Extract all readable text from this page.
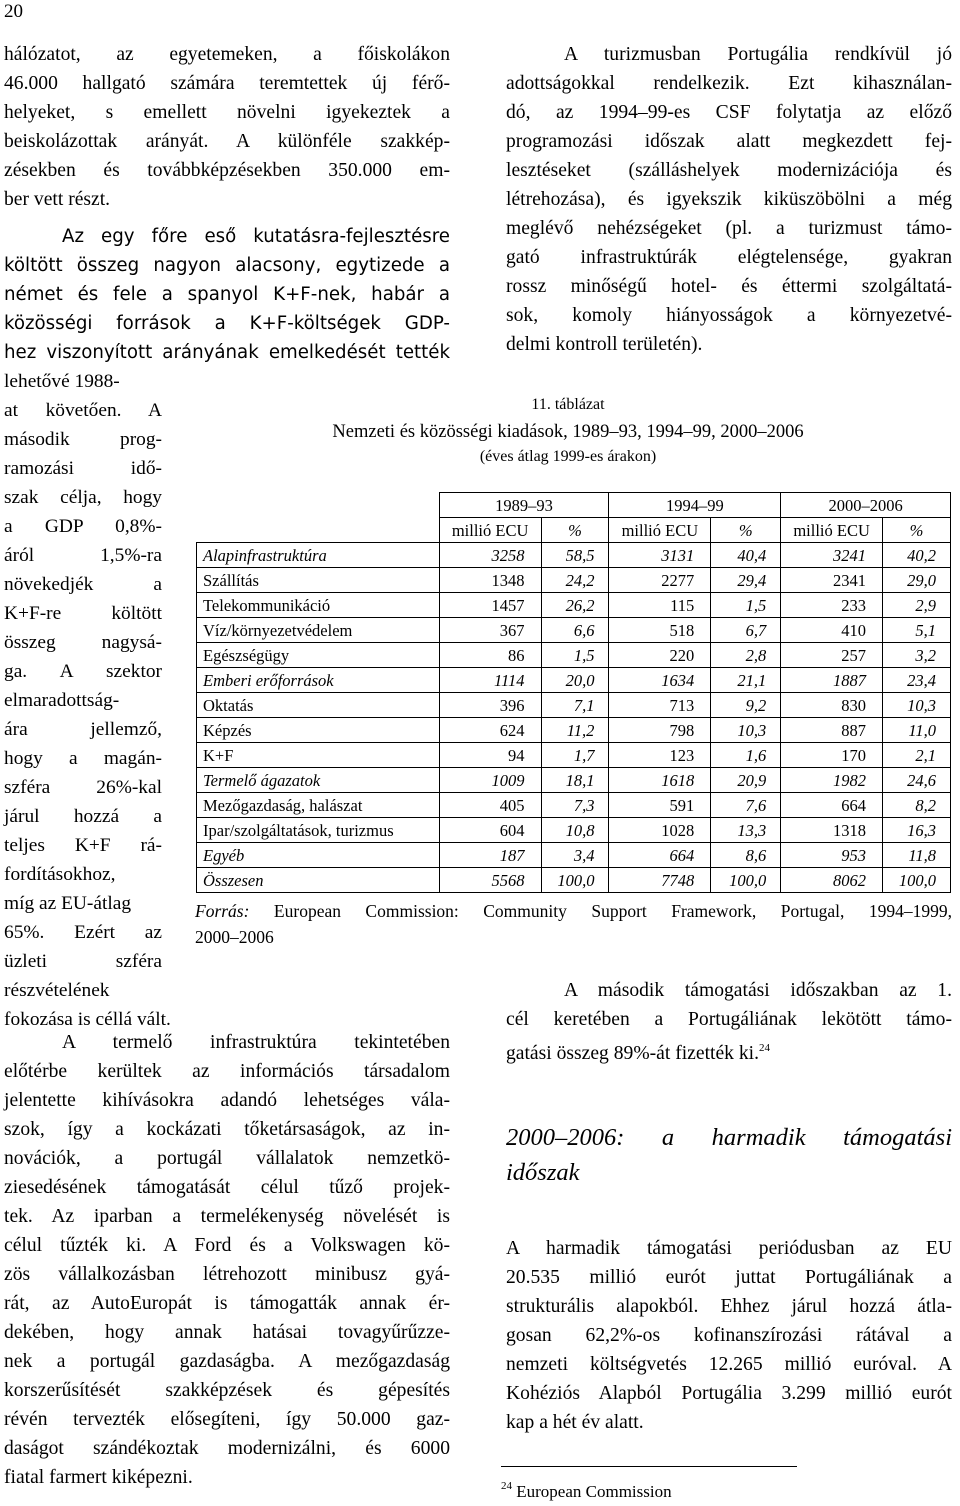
20
hálózatot, az egyetemeken, a főiskolákon
46.000 hallgató számára teremtettek új férő-
helyeket, s emellett növelni igyekeztek a
beiskolázottak arányát. A különféle szakkép-
zésekben és továbbképzésekben 350.000 em-
ber vett részt.
Az egy főre eső kutatásra-fejlesztésre
költött összeg nagyon alacsony, egytizede a
német és fele a spanyol K+F-nek, habár a
közösségi források a K+F-költségek GDP-
hez viszonyított arányának emelkedését tették
lehetővé 1988-
at követően. A
második prog-
ramozási idő-
szak célja, hogy
a GDP 0,8%-
áról 1,5%-ra
növekedjék a
K+F-re költött
összeg nagysá-
ga. A szektor
elmaradottság-
ára jellemző,
hogy a magán-
szféra 26%-kal
járul hozzá a
teljes K+F rá-
fordításokhoz,
míg az EU-átlag
65%. Ezért az
üzleti szféra
részvételének
fokozása is céllá vált.
A termelő infrastruktúra tekintetében
előtérbe kerültek az információs társadalom
jelentette kihívásokra adandó lehetséges vála-
szok, így a kockázati tőketársaságok, az in-
novációk, a portugál vállalatok nemzetkö-
ziesedésének támogatását célul tűző projek-
tek. Az iparban a termelékenység növelését is
célul tűzték ki. A Ford és a Volkswagen kö-
zös vállalkozásban létrehozott minibusz gyá-
rát, az AutoEuropát is támogatták annak ér-
dekében, hogy annak hatásai tovagyűrűzze-
nek a portugál gazdaságba. A mezőgazdaság
korszerűsítését szakképzések és gépesítés
révén tervezték elősegíteni, így 50.000 gaz-
daságot szándékoztak modernizálni, és 6000
fiatal farmert kiképezni.
A turizmusban Portugália rendkívül jó
adottságokkal rendelkezik. Ezt kihasználan-
dó, az 1994–99-es CSF folytatja az előző
programozási időszak alatt megkezdett fej-
lesztéseket (szálláshelyek modernizációja és
létrehozása), és igyekszik kiküszöbölni a még
meglévő nehézségeket (pl. a turizmust támo-
gató infrastruktúrák elégtelensége, gyakran
rossz minőségű hotel- és éttermi szolgáltatá-
sok, komoly hiányosságok a környezetvé-
delmi kontroll területén).
11. táblázat
Nemzeti és közösségi kiadások, 1989–93, 1994–99, 2000–2006
(éves átlag 1999-es árakon)
	1989–93		1994–99		2000–2006	
	millió ECU	%	millió ECU	%	millió ECU	%
Alapinfrastruktúra	3258	58,5	3131	40,4	3241	40,2
Szállítás	1348	24,2	2277	29,4	2341	29,0
Telekommunikáció	1457	26,2	115	1,5	233	2,9
Víz/környezetvédelem	367	6,6	518	6,7	410	5,1
Egészségügy	86	1,5	220	2,8	257	3,2
Emberi erőforrások	1114	20,0	1634	21,1	1887	23,4
Oktatás	396	7,1	713	9,2	830	10,3
Képzés	624	11,2	798	10,3	887	11,0
K+F	94	1,7	123	1,6	170	2,1
Termelő ágazatok	1009	18,1	1618	20,9	1982	24,6
Mezőgazdaság, halászat	405	7,3	591	7,6	664	8,2
Ipar/szolgáltatások, turizmus	604	10,8	1028	13,3	1318	16,3
Egyéb	187	3,4	664	8,6	953	11,8
Összesen	5568	100,0	7748	100,0	8062	100,0
Forrás: European Commission: Community Support Framework, Portugal, 1994–1999,
2000–2006
A második támogatási időszakban az 1.
cél keretében a Portugáliának lekötött támo-
gatási összeg 89%-át fizették ki.$^{24}$
2000–2006: a harmadik támogatási
időszak
A harmadik támogatási periódusban az EU
20.535 millió eurót juttat Portugáliának a
strukturális alapokból. Ehhez járul hozzá átla-
gosan 62,2%-os kofinanszírozási rátával a
nemzeti költségvetés 12.265 millió euróval. A
Kohéziós Alapból Portugália 3.299 millió eurót
kap a hét év alatt.
$^{24}$ European Commission
